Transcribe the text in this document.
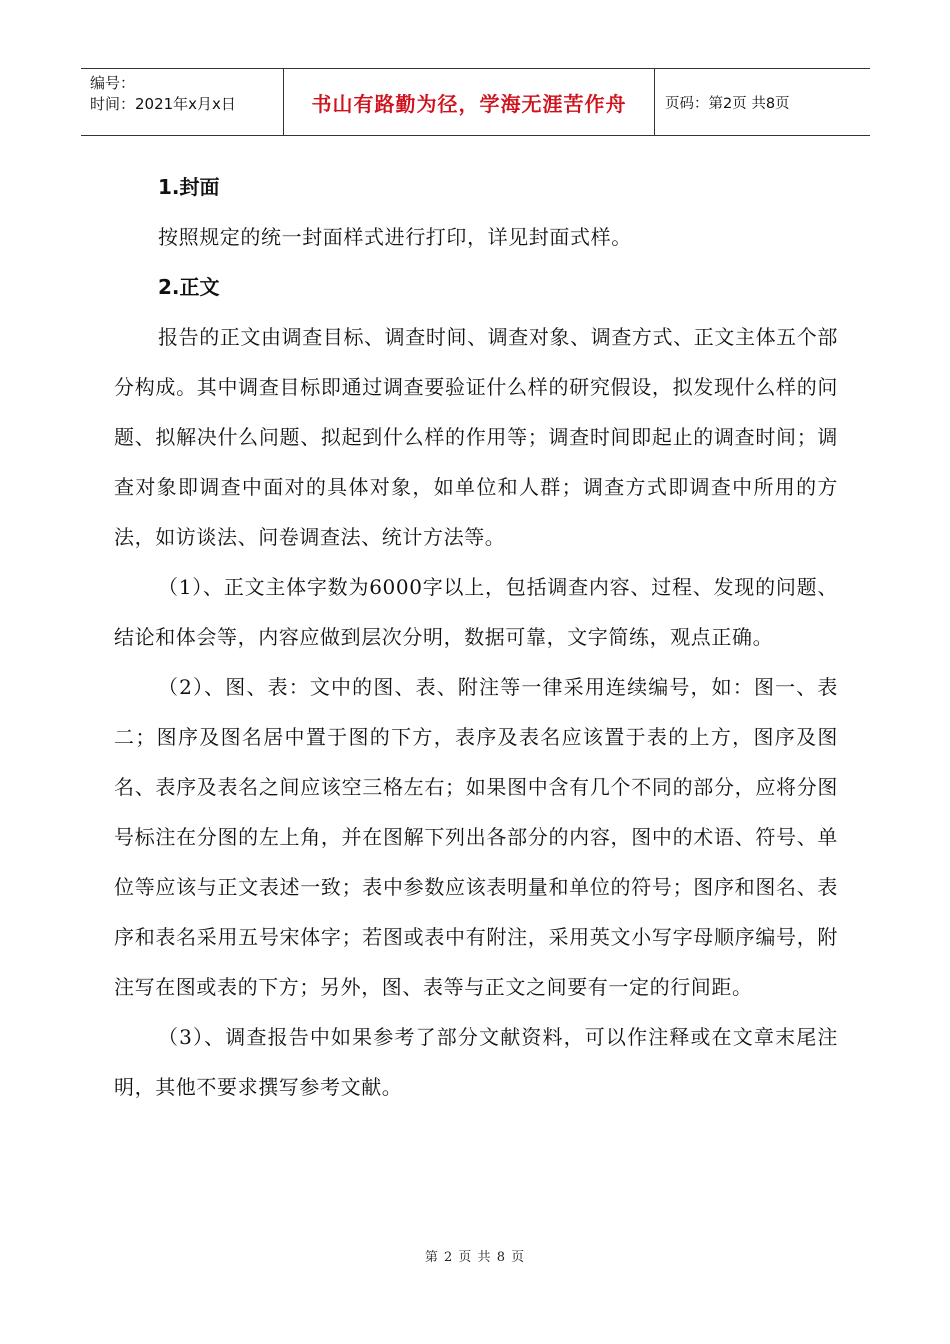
编号：
时间：2021年x月x日	书山有路勤为径，学海无涯苦作舟	页码：第2页 共8页
1.封面

按照规定的统一封面样式进行打印，详见封面式样。

2.正文

报告的正文由调查目标、调查时间、调查对象、调查方式、正文主体五个部分构成。其中调查目标即通过调查要验证什么样的研究假设，拟发现什么样的问题、拟解决什么问题、拟起到什么样的作用等；调查时间即起止的调查时间；调查对象即调查中面对的具体对象，如单位和人群；调查方式即调查中所用的方法，如访谈法、问卷调查法、统计方法等。

（1）、正文主体字数为6000字以上，包括调查内容、过程、发现的问题、结论和体会等，内容应做到层次分明，数据可靠，文字简练，观点正确。

（2）、图、表：文中的图、表、附注等一律采用连续编号，如：图一、表二；图序及图名居中置于图的下方，表序及表名应该置于表的上方，图序及图名、表序及表名之间应该空三格左右；如果图中含有几个不同的部分，应将分图号标注在分图的左上角，并在图解下列出各部分的内容，图中的术语、符号、单位等应该与正文表述一致；表中参数应该表明量和单位的符号；图序和图名、表序和表名采用五号宋体字；若图或表中有附注，采用英文小写字母顺序编号，附注写在图或表的下方；另外，图、表等与正文之间要有一定的行间距。

（3）、调查报告中如果参考了部分文献资料，可以作注释或在文章末尾注明，其他不要求撰写参考文献。

第 2 页 共 8 页
